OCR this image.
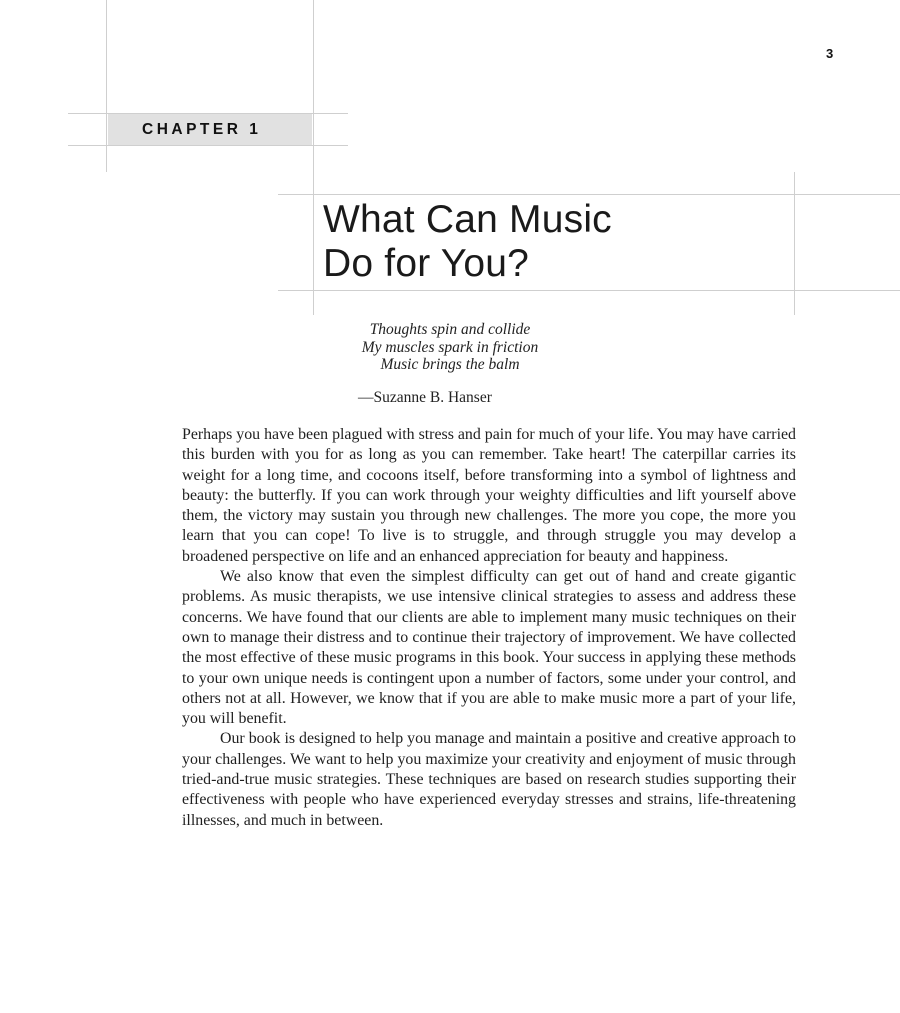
3
CHAPTER 1
What Can Music
Do for You?
Thoughts spin and collide
My muscles spark in friction
Music brings the balm
—Suzanne B. Hanser

Perhaps you have been plagued with stress and pain for much of your life. You may have carried this burden with you for as long as you can remember. Take heart! The caterpillar carries its weight for a long time, and cocoons itself, before transforming into a symbol of lightness and beauty: the butterfly. If you can work through your weighty difficulties and lift yourself above them, the victory may sustain you through new challenges. The more you cope, the more you learn that you can cope! To live is to struggle, and through struggle you may develop a broadened perspective on life and an enhanced appreciation for beauty and happiness.

We also know that even the simplest difficulty can get out of hand and create gigantic problems. As music therapists, we use intensive clinical strategies to assess and address these concerns. We have found that our clients are able to implement many music techniques on their own to manage their distress and to continue their trajectory of improvement. We have collected the most effective of these music programs in this book. Your success in applying these methods to your own unique needs is contingent upon a number of factors, some under your control, and others not at all. However, we know that if you are able to make music more a part of your life, you will benefit.

Our book is designed to help you manage and maintain a positive and creative approach to your challenges. We want to help you maximize your creativity and enjoyment of music through tried-and-true music strategies. These techniques are based on research studies supporting their effectiveness with people who have experienced everyday stresses and strains, life-threatening illnesses, and much in between.
